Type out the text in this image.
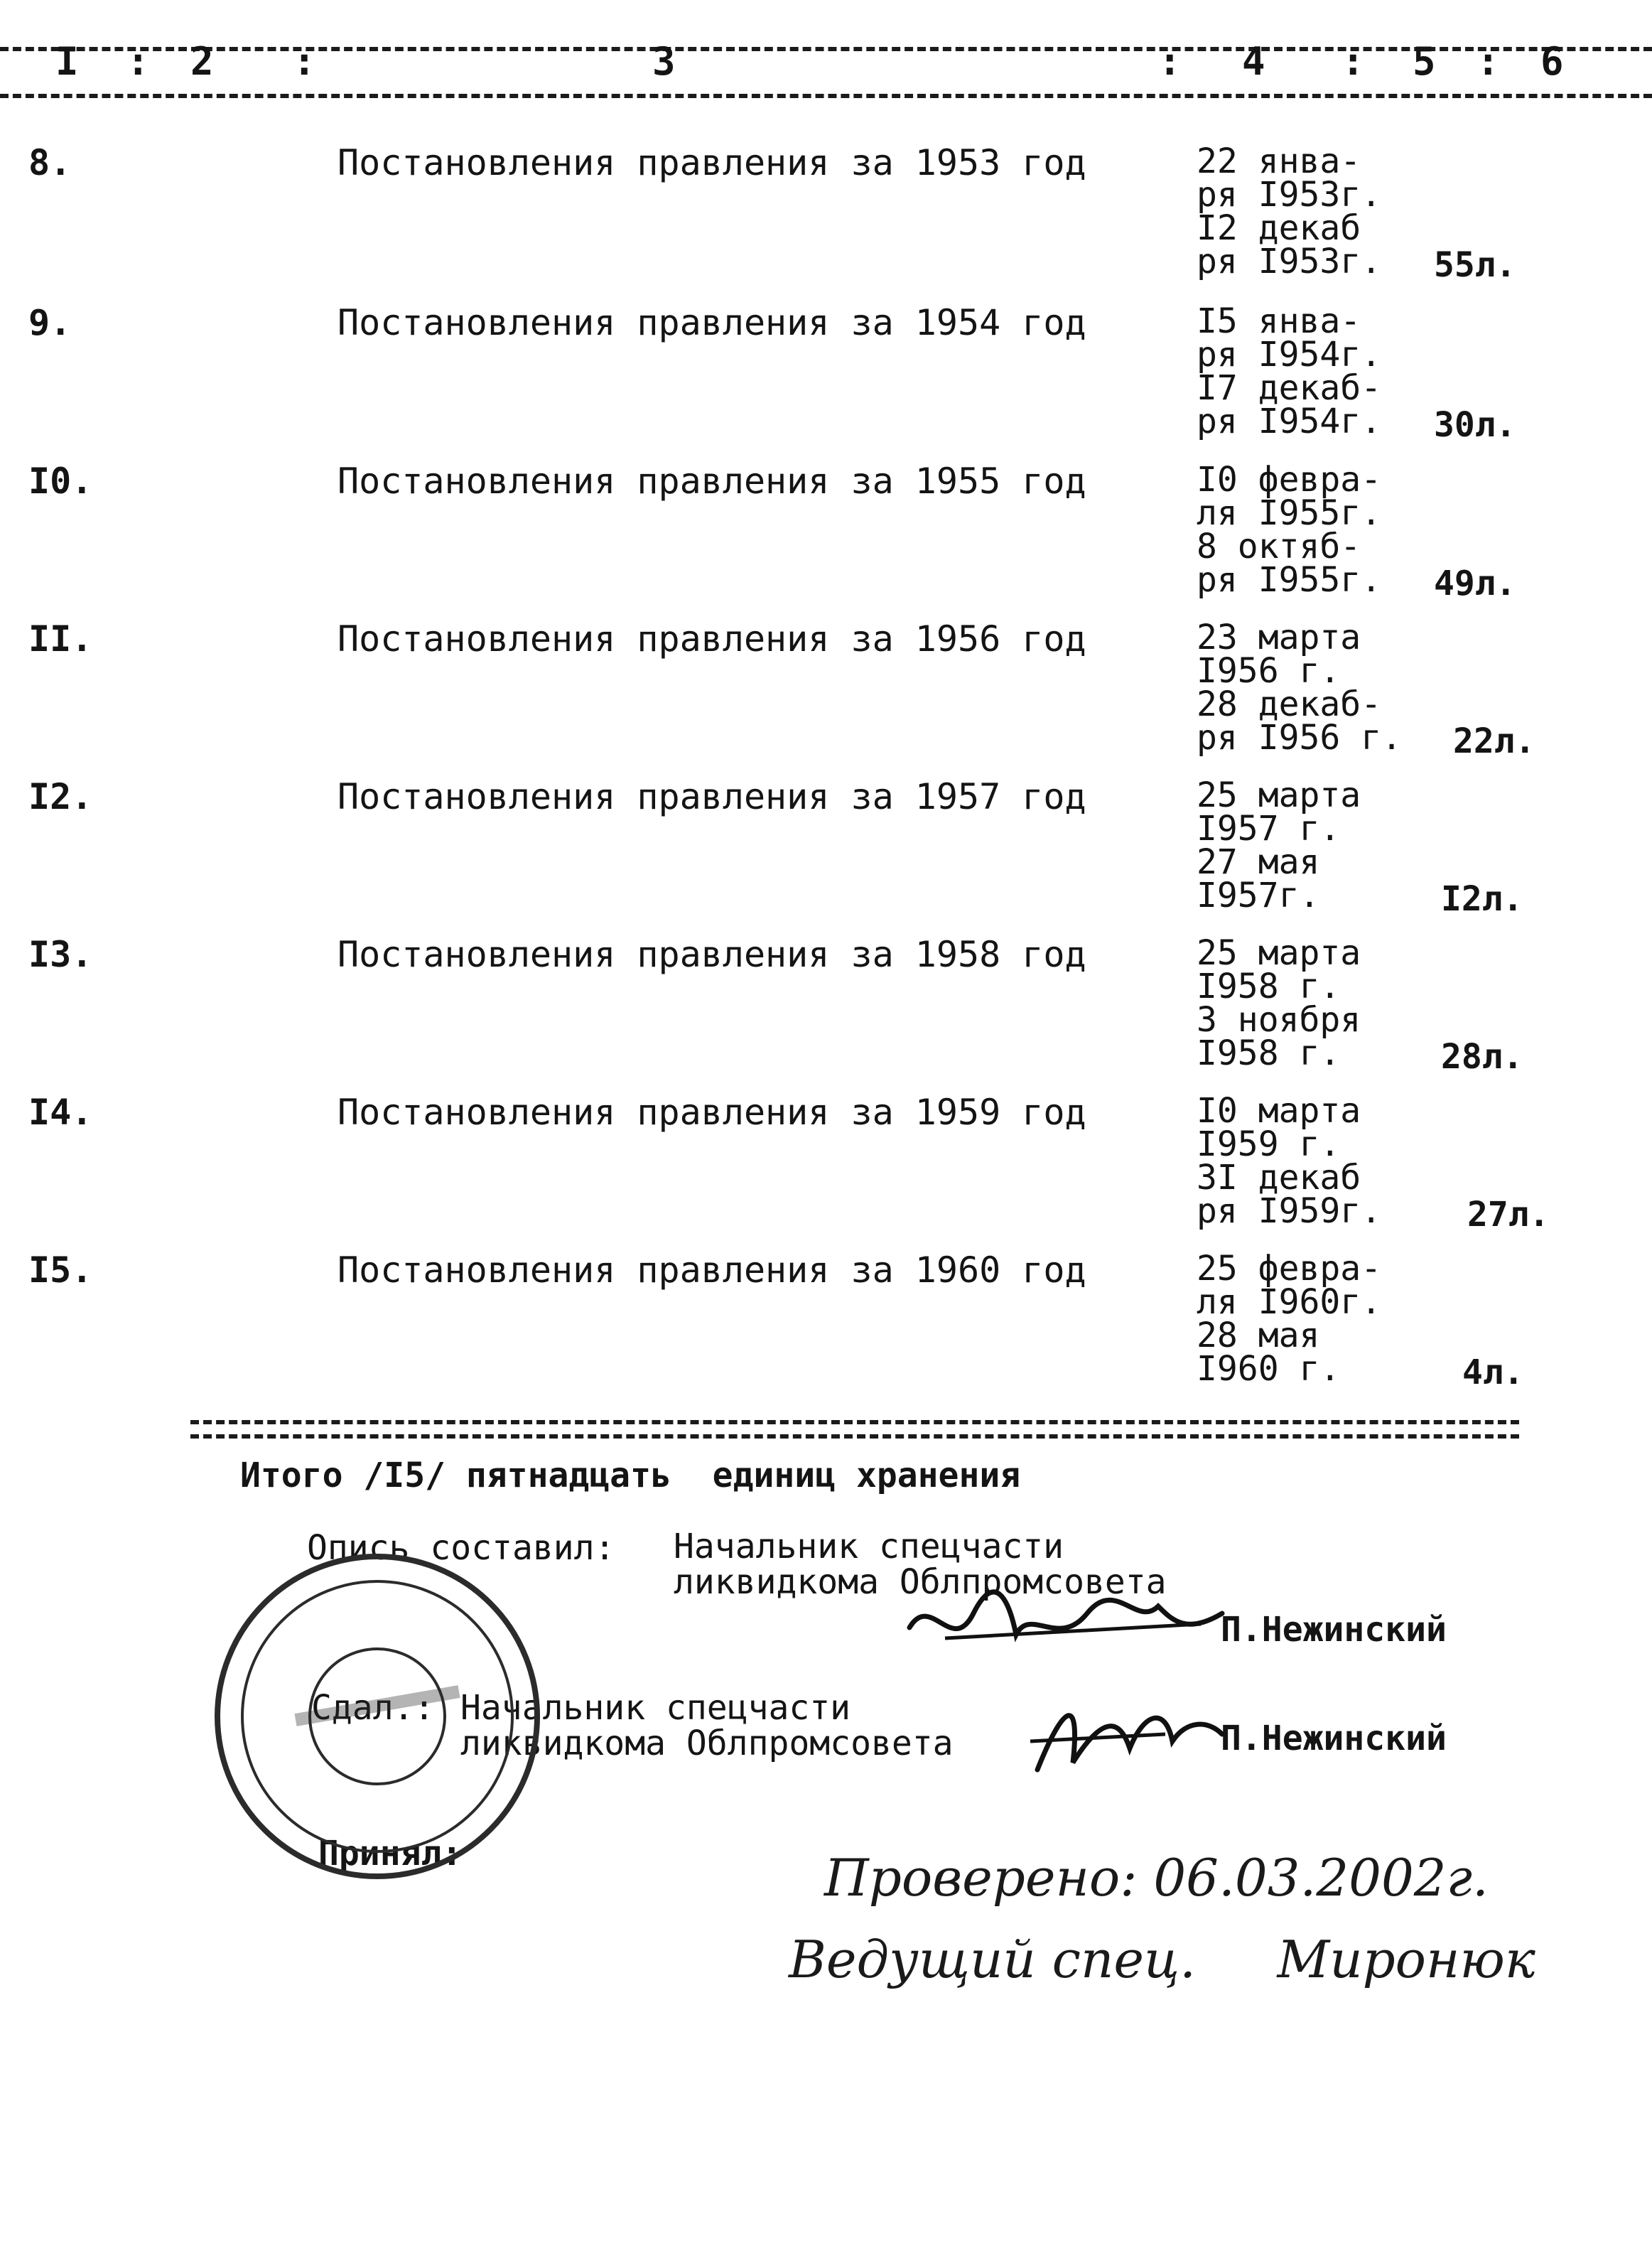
I : 2 :	3	: 4 : 5 : 6
8.	Постановления правления за 1953 год	22 янва-
ря I953г.
I2 декаб
ря I953г. 55л.
9.	Постановления правления за 1954 год	I5 янва-
ря I954г.
I7 декаб-
ря I954г. 30л.
I0.	Постановления правления за 1955 год	I0 февра-
ля I955г.
8 октяб-
ря I955г. 49л.
II.	Постановления правления за 1956 год	23 марта
I956 г.
28 декаб-
ря I956 г. 22л.
I2.	Постановления правления за 1957 год	25 марта
I957 г.
27 мая
I957г.	I2л.
I3.	Постановления правления за 1958 год	25 марта
I958 г.
3 ноября
I958 г.	28л.
I4.	Постановления правления за 1959 год	I0 марта
I959 г.
3I декаб
ря I959г.	27л.
I5.	Постановления правления за 1960 год	25 февра-
ля I960г.
28 мая
I960 г.	4л.
Итого /I5/ пятнадцать  единиц хранения
Опись составил: Начальник спецчасти
ликвидкома Облпромсовета
П.Нежинский
Сдал.: Начальник спецчасти
ликвидкома Облпромсовета	П.Нежинский
Принял:	Проверено: 06.03.2002г.
Ведущий спец.     Миронюк
